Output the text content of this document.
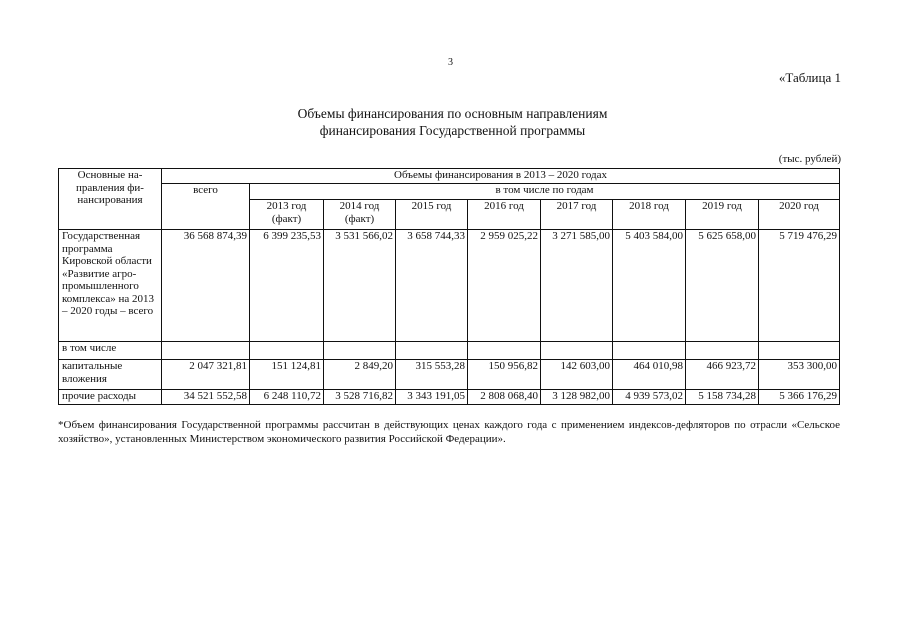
3
«Таблица 1
Объемы финансирования по основным направлениям
финансирования Государственной программы
(тыс. рублей)
Основные на-правления фи-нансирования	Объемы финансирования в 2013 – 2020 годах								
	всего	в том числе по годам							
		2013 год (факт)	2014 год (факт)	2015 год	2016 год	2017 год	2018 год	2019 год	2020 год
Государственная программа Кировской области «Развитие агро-промышленного комплекса» на 2013 – 2020 годы – всего	36 568 874,39	6 399 235,53	3 531 566,02	3 658 744,33	2 959 025,22	3 271 585,00	5 403 584,00	5 625 658,00	5 719 476,29
в том числе									
капитальные вложения	2 047 321,81	151 124,81	2 849,20	315 553,28	150 956,82	142 603,00	464 010,98	466 923,72	353 300,00
прочие расходы	34 521 552,58	6 248 110,72	3 528 716,82	3 343 191,05	2 808 068,40	3 128 982,00	4 939 573,02	5 158 734,28	5 366 176,29
*Объем финансирования Государственной программы рассчитан в действующих ценах каждого года с применением индексов-дефляторов по отрасли «Сельское хозяйство», установленных Министерством экономического развития Российской Федерации».
